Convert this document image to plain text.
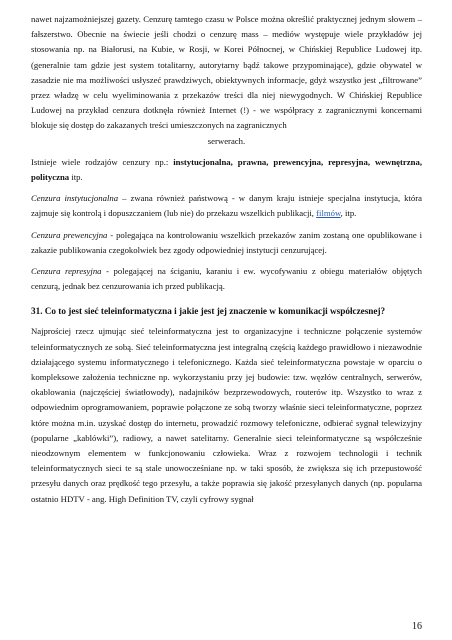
nawet najzamożniejszej gazety. Cenzurę tamtego czasu w Polsce można określić praktycznej jednym słowem – fałszerstwo. Obecnie na świecie jeśli chodzi o cenzurę mass – mediów występuje wiele przykładów jej stosowania np. na Białorusi, na Kubie, w Rosji, w Korei Północnej, w Chińskiej Republice Ludowej itp. (generalnie tam gdzie jest system totalitarny, autorytarny bądź takowe przypominające), gdzie obywatel w zasadzie nie ma możliwości usłyszeć prawdziwych, obiektywnych informacje, gdyż wszystko jest „filtrowane” przez władzę w celu wyeliminowania z przekazów treści dla niej niewygodnych. W Chińskiej Republice Ludowej na przykład cenzura dotknęła również Internet (!) - we współpracy z zagranicznymi koncernami blokuje się dostęp do zakazanych treści umieszczonych na zagranicznych

serwerach.

Istnieje wiele rodzajów cenzury np.: instytucjonalna, prawna, prewencyjna, represyjna, wewnętrzna, polityczna itp.

Cenzura instytucjonalna – zwana również państwową - w danym kraju istnieje specjalna instytucja, która zajmuje się kontrolą i dopuszczaniem (lub nie) do przekazu wszelkich publikacji, filmów, itp.

Cenzura prewencyjna - polegająca na kontrolowaniu wszelkich przekazów zanim zostaną one opublikowane i zakazie publikowania czegokolwiek bez zgody odpowiedniej instytucji cenzurującej.

Cenzura represyjna - polegającej na ściganiu, karaniu i ew. wycofywaniu z obiegu materiałów objętych cenzurą, jednak bez cenzurowania ich przed publikacją.

31. Co to jest sieć teleinformatyczna i jakie jest jej znaczenie w komunikacji współczesnej?

Najprościej rzecz ujmując sieć teleinformatyczna jest to organizacyjne i techniczne połączenie systemów teleinformatycznych ze sobą. Sieć teleinformatyczna jest integralną częścią każdego prawidłowo i niezawodnie działającego systemu informatycznego i telefonicznego. Każda sieć teleinformatyczna powstaje w oparciu o kompleksowe założenia techniczne np. wykorzystaniu przy jej budowie: tzw. węzłów centralnych, serwerów, okablowania (najczęściej światłowody), nadajników bezprzewodowych, routerów itp. Wszystko to wraz z odpowiednim oprogramowaniem, poprawie połączone ze sobą tworzy właśnie sieci teleinformatyczne, poprzez które można m.in. uzyskać dostęp do internetu, prowadzić rozmowy telefoniczne, odbierać sygnał telewizyjny (popularne „kablówki”), radiowy, a nawet satelitarny. Generalnie sieci teleinformatyczne są współcześnie nieodzownym elementem w funkcjonowaniu człowieka. Wraz z rozwojem technologii i technik teleinformatycznych sieci te są stale unowocześniane np. w taki sposób, że zwiększa się ich przepustowość przesyłu danych oraz prędkość tego przesyłu, a także poprawia się jakość przesyłanych danych (np. popularna ostatnio HDTV - ang. High Definition TV, czyli cyfrowy sygnał

16
